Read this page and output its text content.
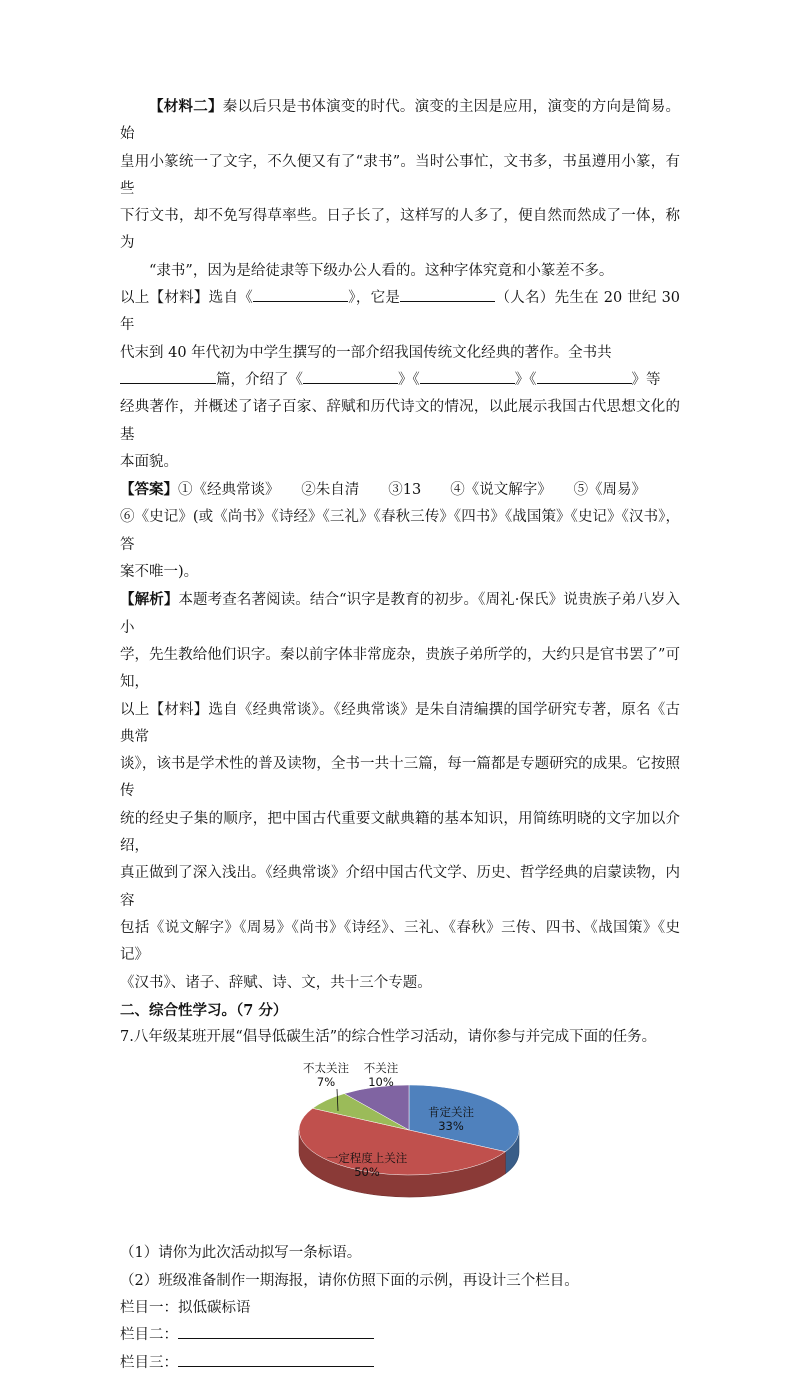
【材料二】秦以后只是书体演变的时代。演变的主因是应用，演变的方向是简易。始

皇用小篆统一了文字，不久便又有了“隶书”。当时公事忙，文书多，书虽遵用小篆，有些

下行文书，却不免写得草率些。日子长了，这样写的人多了，便自然而然成了一体，称为

“隶书”，因为是给徒隶等下级办公人看的。这种字体究竟和小篆差不多。

以上【材料】选自《	》，它是	（人名）先生在 20 世纪 30 年

代末到 40 年代初为中学生撰写的一部介绍我国传统文化经典的著作。全书共

篇，介绍了《	》《	》《	》等

经典著作，并概述了诸子百家、辞赋和历代诗文的情况，以此展示我国古代思想文化的基

本面貌。

【答案】①《经典常谈》　　②朱自清　　③13　　④《说文解字》　　⑤《周易》

⑥《史记》(或《尚书》《诗经》《三礼》《春秋三传》《四书》《战国策》《史记》《汉书》，答

案不唯一)。

【解析】本题考查名著阅读。结合“识字是教育的初步。《周礼·保氏》说贵族子弟八岁入小

学，先生教给他们识字。秦以前字体非常庞杂，贵族子弟所学的，大约只是官书罢了”可知，

以上【材料】选自《经典常谈》。《经典常谈》是朱自清编撰的国学研究专著，原名《古典常

谈》，该书是学术性的普及读物，全书一共十三篇，每一篇都是专题研究的成果。它按照传

统的经史子集的顺序，把中国古代重要文献典籍的基本知识，用简练明晓的文字加以介绍，

真正做到了深入浅出。《经典常谈》介绍中国古代文学、历史、哲学经典的启蒙读物，内容

包括《说文解字》《周易》《尚书》《诗经》、三礼、《春秋》三传、四书、《战国策》《史记》

《汉书》、诸子、辞赋、诗、文，共十三个专题。

二、综合性学习。（7 分）

7.八年级某班开展“倡导低碳生活”的综合性学习活动，请你参与并完成下面的任务。

肯定关注
33%
一定程度上关注
50%
不太关注
7%
不关注
10%

（1）请你为此次活动拟写一条标语。

（2）班级准备制作一期海报，请你仿照下面的示例，再设计三个栏目。

栏目一：拟低碳标语

栏目二：

栏目三：
